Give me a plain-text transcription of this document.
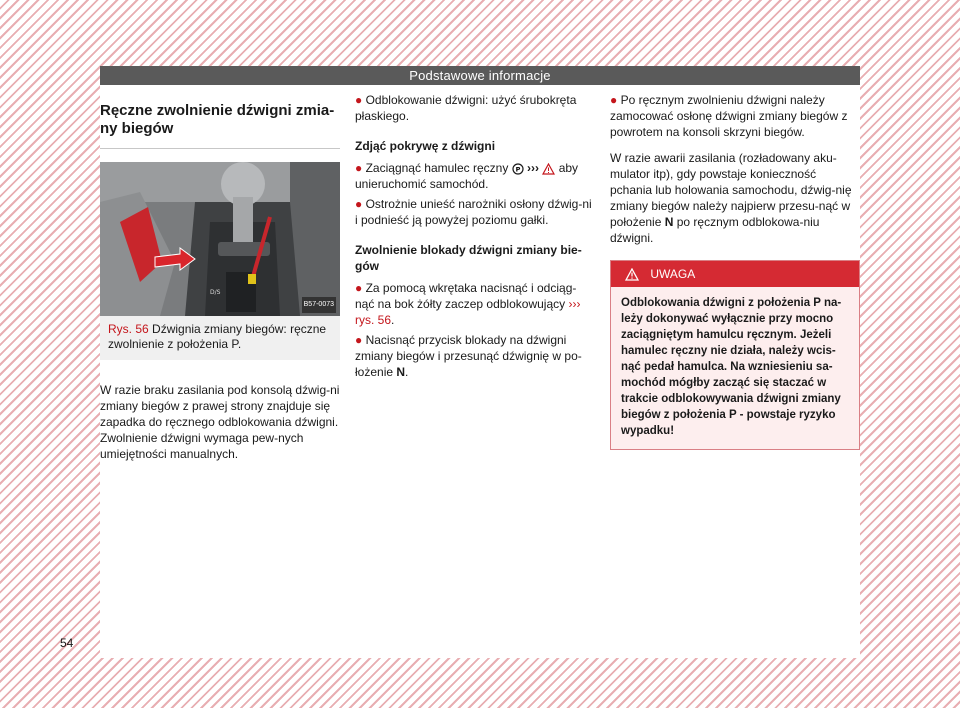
Podstawowe informacje
Ręczne zwolnienie dźwigni zmia-ny biegów
D/S
B57-0073
Rys. 56 Dźwignia zmiany biegów: ręczne zwolnienie z położenia P.

W razie braku zasilania pod konsolą dźwig-ni zmiany biegów z prawej strony znajduje się zapadka do ręcznego odblokowania dźwigni. Zwolnienie dźwigni wymaga pew-nych umiejętności manualnych.

● Odblokowanie dźwigni: użyć śrubokręta płaskiego.

Zdjąć pokrywę z dźwigni

● Zaciągnąć hamulec ręczny P ››› aby unieruchomić samochód.

● Ostrożnie unieść narożniki osłony dźwig-ni i podnieść ją powyżej poziomu gałki.

Zwolnienie blokady dźwigni zmiany bie-gów

● Za pomocą wkrętaka nacisnąć i odciąg-nąć na bok żółty zaczep odblokowujący ››› rys. 56.

● Nacisnąć przycisk blokady na dźwigni zmiany biegów i przesunąć dźwignię w po-łożenie N.

● Po ręcznym zwolnieniu dźwigni należy zamocować osłonę dźwigni zmiany biegów z powrotem na konsoli skrzyni biegów.

W razie awarii zasilania (rozładowany aku-mulator itp), gdy powstaje konieczność pchania lub holowania samochodu, dźwig-nię zmiany biegów należy najpierw przesu-nąć w położenie N po ręcznym odblokowa-niu dźwigni.

UWAGA
Odblokowania dźwigni z położenia P na-leży dokonywać wyłącznie przy mocno zaciągniętym hamulcu ręcznym. Jeżeli hamulec ręczny nie działa, należy wcis-nąć pedał hamulca. Na wzniesieniu sa-mochód mógłby zacząć się staczać w trakcie odblokowywania dźwigni zmiany biegów z położenia P - powstaje ryzyko wypadku!
54
